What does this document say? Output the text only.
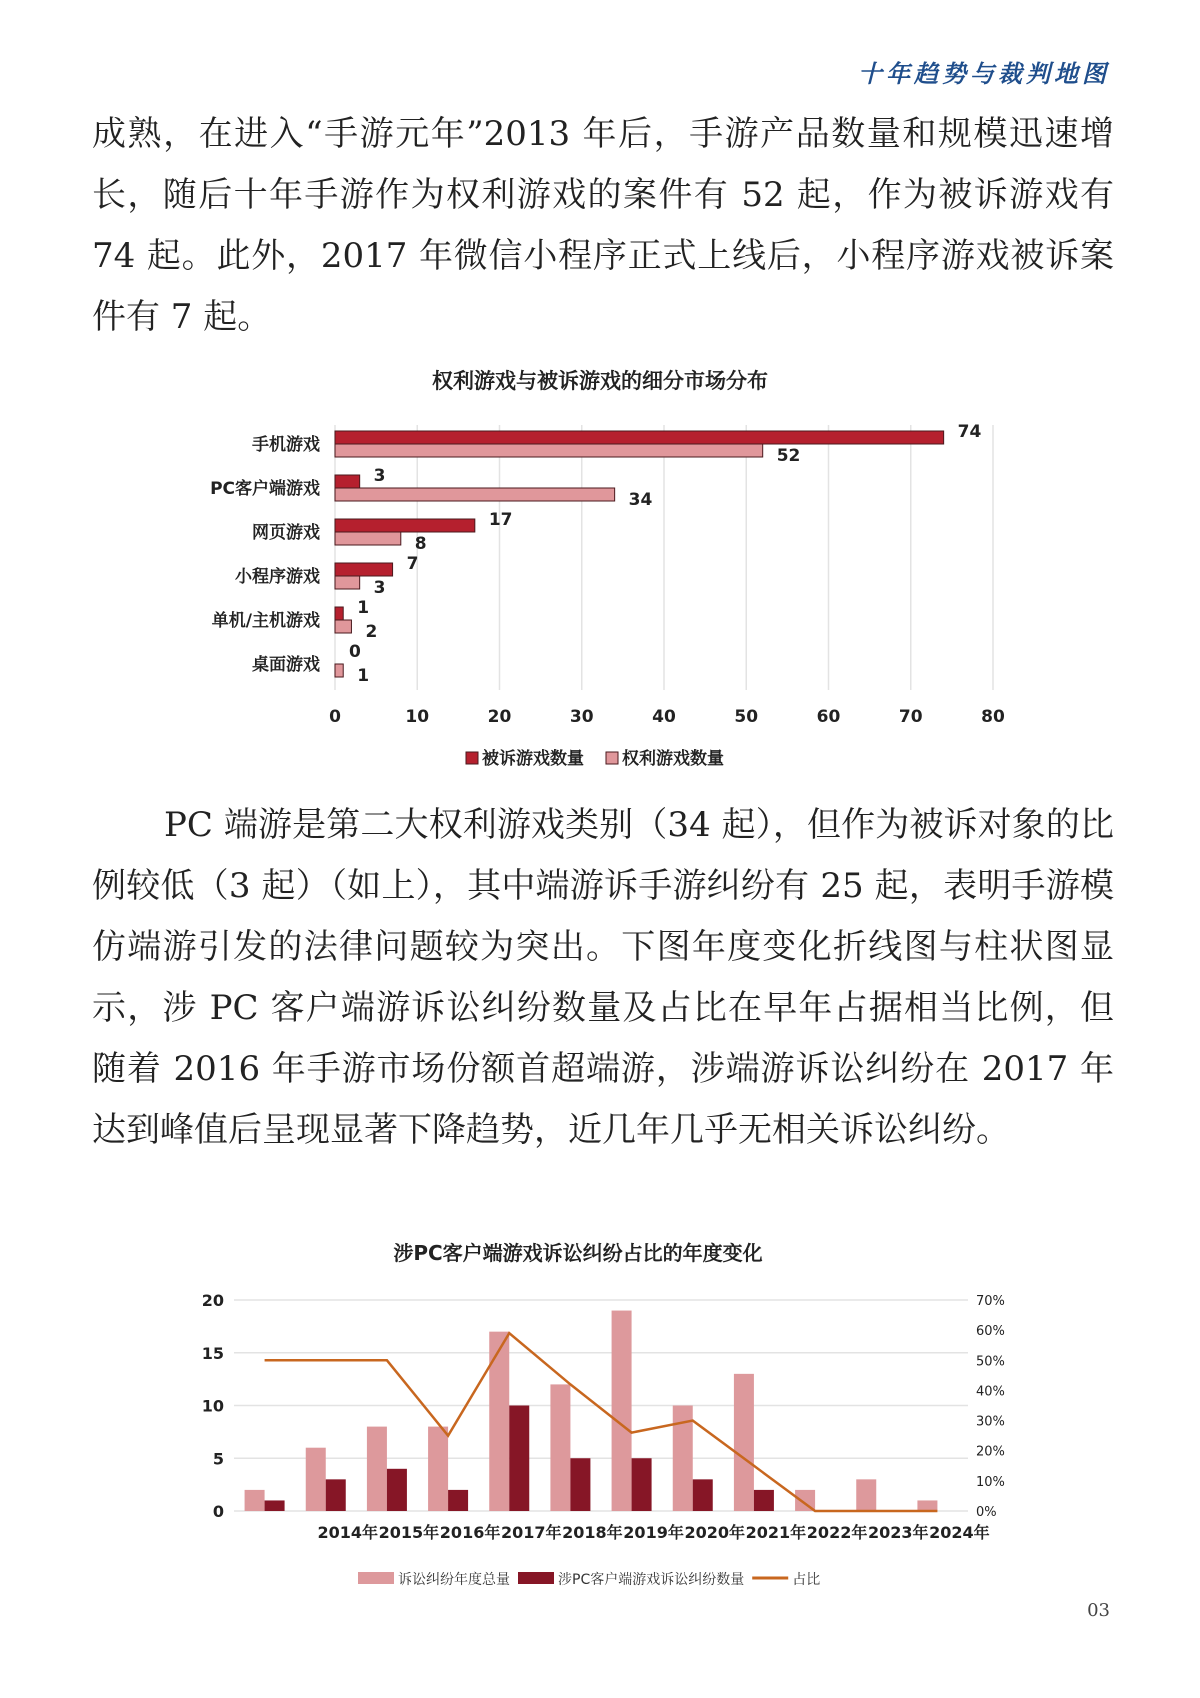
十年趋势与裁判地图
成熟，在进入“手游元年”2013 年后，手游产品数量和规模迅速增长，随后十年手游作为权利游戏的案件有 52 起，作为被诉游戏有 74 起。此外，2017 年微信小程序正式上线后，小程序游戏被诉案件有 7 起。
权利游戏与被诉游戏的细分市场分布
0	10	20	30	40	50	60	70	80
手机游戏
74
52
PC客户端游戏
3
34
网页游戏
17
8
小程序游戏
7
3
单机/主机游戏
1
2
桌面游戏
0
1
被诉游戏数量 权利游戏数量
PC 端游是第二大权利游戏类别（34 起），但作为被诉对象的比例较低（3 起）（如上），其中端游诉手游纠纷有 25 起，表明手游模仿端游引发的法律问题较为突出。下图年度变化折线图与柱状图显示，涉 PC 客户端游诉讼纠纷数量及占比在早年占据相当比例，但随着 2016 年手游市场份额首超端游，涉端游诉讼纠纷在 2017 年达到峰值后呈现显著下降趋势，近几年几乎无相关诉讼纠纷。
涉PC客户端游戏诉讼纠纷占比的年度变化
0
5
10
15
20
0%
10%
20%
30%
40%
50%
60%
70%
2014年 2015年 2016年 2017年 2018年 2019年 2020年 2021年 2022年 2023年 2024年
诉讼纠纷年度总量	涉PC客户端游戏诉讼纠纷数量	占比
03
